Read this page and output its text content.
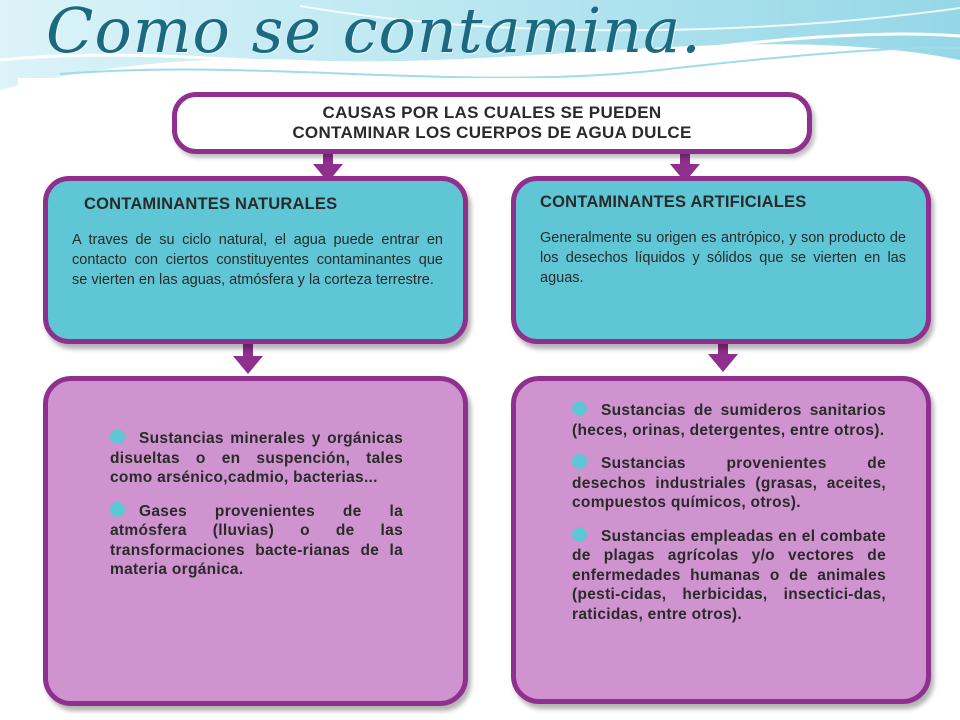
Como se contamina.
CAUSAS POR LAS CUALES SE PUEDEN
CONTAMINAR LOS CUERPOS DE AGUA DULCE
CONTAMINANTES NATURALES
A traves de su ciclo natural, el agua puede entrar en contacto con ciertos constituyentes contaminantes que se vierten en las aguas, atmósfera y la corteza terrestre.
CONTAMINANTES ARTIFICIALES
Generalmente su origen es antrópico, y son producto de los desechos líquidos y sólidos que se vierten en las aguas.
Sustancias minerales y orgánicas disueltas o en suspención, tales como arsénico,cadmio, bacterias...
Gases provenientes de la atmósfera (lluvias) o de las transformaciones bacte-rianas de la materia orgánica.
Sustancias de sumideros sanitarios (heces, orinas, detergentes, entre otros).
Sustancias provenientes de desechos industriales (grasas, aceites, compuestos químicos, otros).
Sustancias empleadas en el combate de plagas agrícolas y/o vectores de enfermedades humanas o de animales (pesti-cidas, herbicidas, insectici-das, raticidas, entre otros).
